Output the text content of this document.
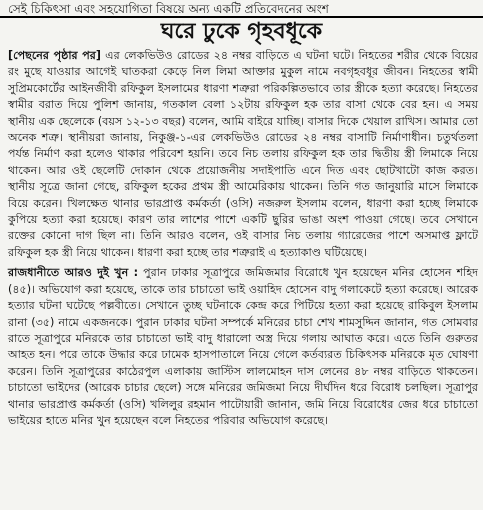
সেই চিকিৎসা এবং সহযোগিতা বিষয়ে অন্য একটি প্রতিবেদনের অংশ
ঘরে ঢুকে গৃহবধূকে

[পেছনের পৃষ্ঠার পর] এর লেকভিউও রোডের ২৪ নম্বর বাড়িতে এ ঘটনা ঘটে। নিহতের শরীর থেকে বিয়ের রং মুছে যাওয়ার আগেই ঘাতকরা কেড়ে নিল লিমা আক্তার মুকুল নামে নবগৃহবধূর জীবন। নিহতের স্বামী সুপ্রিমকোর্টের আইনজীবী রফিকুল ইসলামের ধারণা শত্রুরা পরিকল্পিতভাবে তার স্ত্রীকে হত্যা করেছে। নিহতের স্বামীর বরাত দিয়ে পুলিশ জানায়, গতকাল বেলা ১২টায় রফিকুল হক তার বাসা থেকে বের হন। এ সময় স্থানীয় এক ছেলেকে (বয়স ১২-১৩ বছর) বলেন, আমি বাইরে যাচ্ছি। বাসার দিকে খেয়াল রাখিস। আমার তো অনেক শত্রু। স্থানীয়রা জানায়, নিকুঞ্জ-১-এর লেকভিউও রোডের ২৪ নম্বর বাসাটি নির্মাণাধীন। চতুর্থতলা পর্যন্ত নির্মাণ করা হলেও থাকার পরিবেশ হয়নি। তবে নিচ তলায় রফিকুল হক তার দ্বিতীয় স্ত্রী লিমাকে নিয়ে থাকেন। আর ওই ছেলেটি দোকান থেকে প্রয়োজনীয় সদাইপাতি এনে দিত এবং ছোটখাটো কাজ করত। স্থানীয় সূত্রে জানা গেছে, রফিকুল হকের প্রথম স্ত্রী আমেরিকায় থাকেন। তিনি গত জানুয়ারি মাসে লিমাকে বিয়ে করেন। খিলক্ষেত থানার ভারপ্রাপ্ত কর্মকর্তা (ওসি) নজরুল ইসলাম বলেন, ধারণা করা হচ্ছে লিমাকে কুপিয়ে হত্যা করা হয়েছে। কারণ তার লাশের পাশে একটি ছুরির ভাঙা অংশ পাওয়া গেছে। তবে সেখানে রক্তের কোনো দাগ ছিল না। তিনি আরও বলেন, ওই বাসার নিচ তলায় গ্যারেজের পাশে অসমাপ্ত ফ্লাটে রফিকুল হক স্ত্রী নিয়ে থাকেন। ধারণা করা হচ্ছে তার শত্রুরাই এ হত্যাকাণ্ড ঘটিয়েছে।

রাজধানীতে আরও দুই খুন : পুরান ঢাকার সূত্রাপুরে জমিজমার বিরোধে খুন হয়েছেন মনির হোসেন শহিদ (৪৫)। অভিযোগ করা হয়েছে, তাকে তার চাচাতো ভাই ওয়াহিদ হোসেন বাদু গলাকেটে হত্যা করেছে। আরেক হত্যার ঘটনা ঘটেছে পল্লবীতে। সেখানে তুচ্ছ ঘটনাকে কেন্দ্র করে পিটিয়ে হত্যা করা হয়েছে রাকিবুল ইসলাম রানা (৩৫) নামে একজনকে। পুরান ঢাকার ঘটনা সম্পর্কে মনিরের চাচা শেখ শামসুদ্দিন জানান, গত সোমবার রাতে সূত্রাপুরে মনিরকে তার চাচাতো ভাই বাদু ধারালো অস্ত্র দিয়ে গলায় আঘাত করে। এতে তিনি গুরুতর আহত হন। পরে তাকে উদ্ধার করে ঢামেক হাসপাতালে নিয়ে গেলে কর্তব্যরত চিকিৎসক মনিরকে মৃত ঘোষণা করেন। তিনি সূত্রাপুরের কাঠেরপুল এলাকায় জাস্টিস লালমোহন দাস লেনের ৪৮ নম্বর বাড়িতে থাকতেন। চাচাতো ভাইদের (আরেক চাচার ছেলে) সঙ্গে মনিরের জমিজমা নিয়ে দীর্ঘদিন ধরে বিরোধ চলছিল। সূত্রাপুর থানার ভারপ্রাপ্ত কর্মকর্তা (ওসি) খলিলুর রহমান পাটোয়ারী জানান, জমি নিয়ে বিরোধের জের ধরে চাচাতো ভাইয়ের হাতে মনির খুন হয়েছেন বলে নিহতের পরিবার অভিযোগ করেছে।
